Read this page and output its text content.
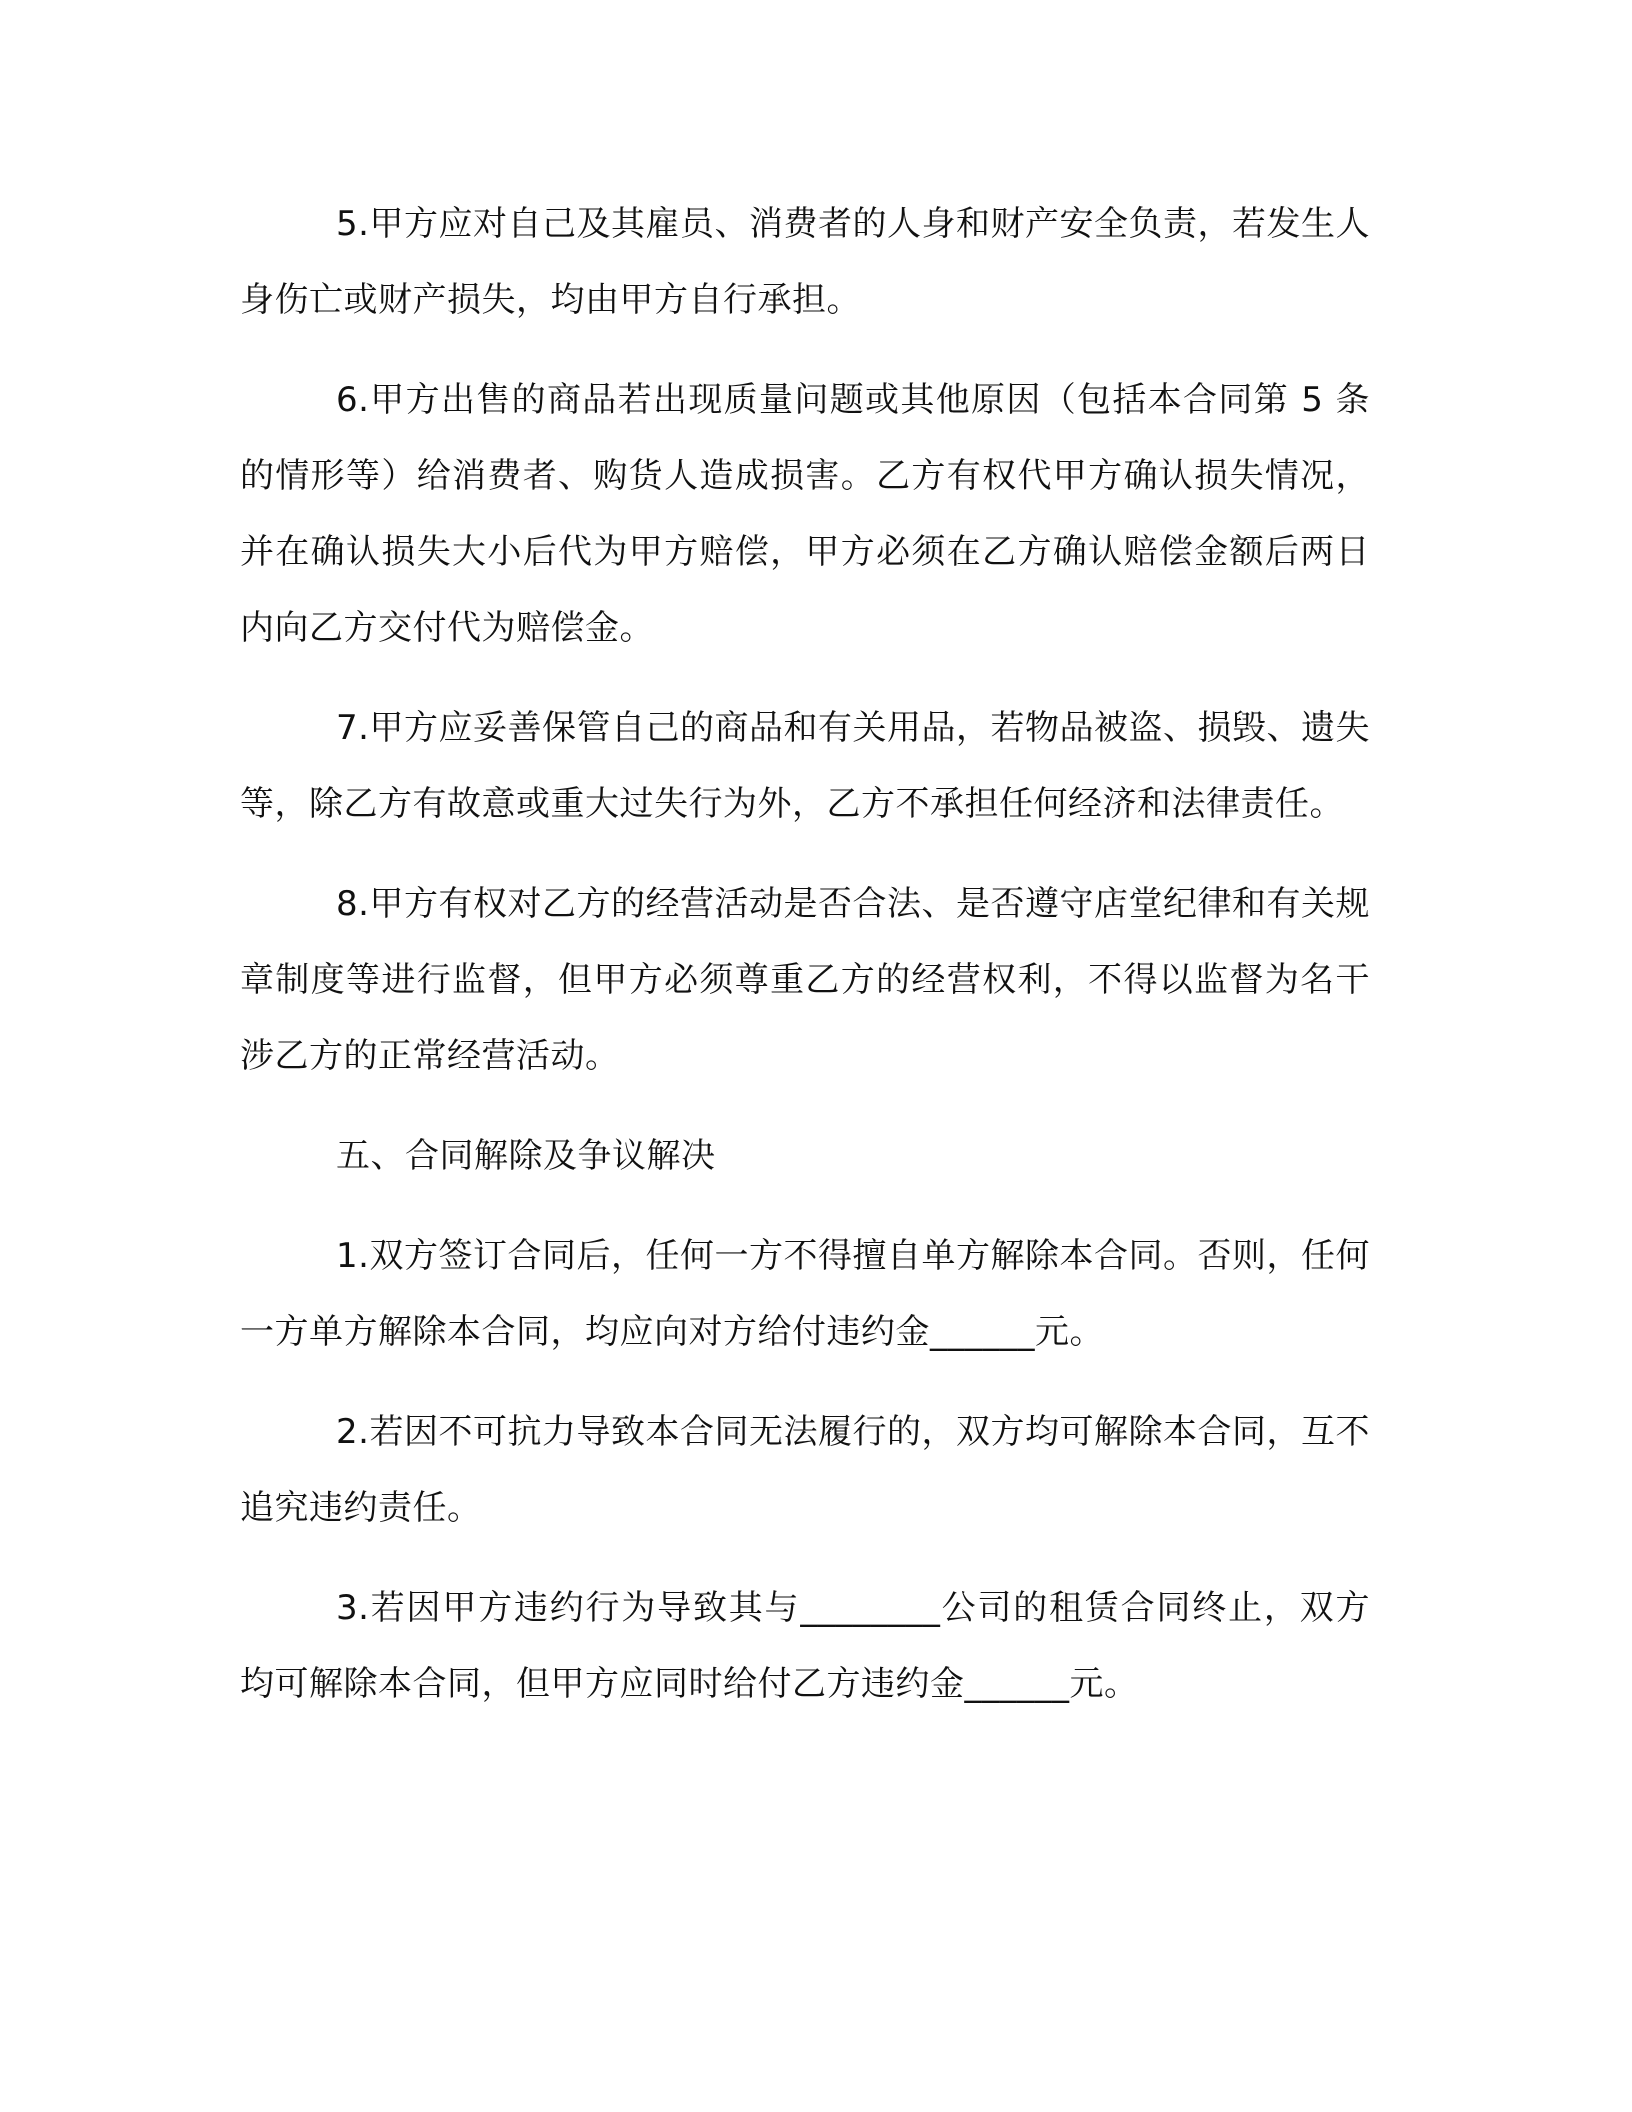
5.甲方应对自己及其雇员、消费者的人身和财产安全负责，若发生人身伤亡或财产损失，均由甲方自行承担。

6.甲方出售的商品若出现质量问题或其他原因（包括本合同第 5 条的情形等）给消费者、购货人造成损害。乙方有权代甲方确认损失情况，并在确认损失大小后代为甲方赔偿，甲方必须在乙方确认赔偿金额后两日内向乙方交付代为赔偿金。

7.甲方应妥善保管自己的商品和有关用品，若物品被盗、损毁、遗失等，除乙方有故意或重大过失行为外，乙方不承担任何经济和法律责任。

8.甲方有权对乙方的经营活动是否合法、是否遵守店堂纪律和有关规章制度等进行监督，但甲方必须尊重乙方的经营权利，不得以监督为名干涉乙方的正常经营活动。

五、合同解除及争议解决

1.双方签订合同后，任何一方不得擅自单方解除本合同。否则，任何一方单方解除本合同，均应向对方给付违约金______元。

2.若因不可抗力导致本合同无法履行的，双方均可解除本合同，互不追究违约责任。

3.若因甲方违约行为导致其与________公司的租赁合同终止，双方均可解除本合同，但甲方应同时给付乙方违约金______元。
